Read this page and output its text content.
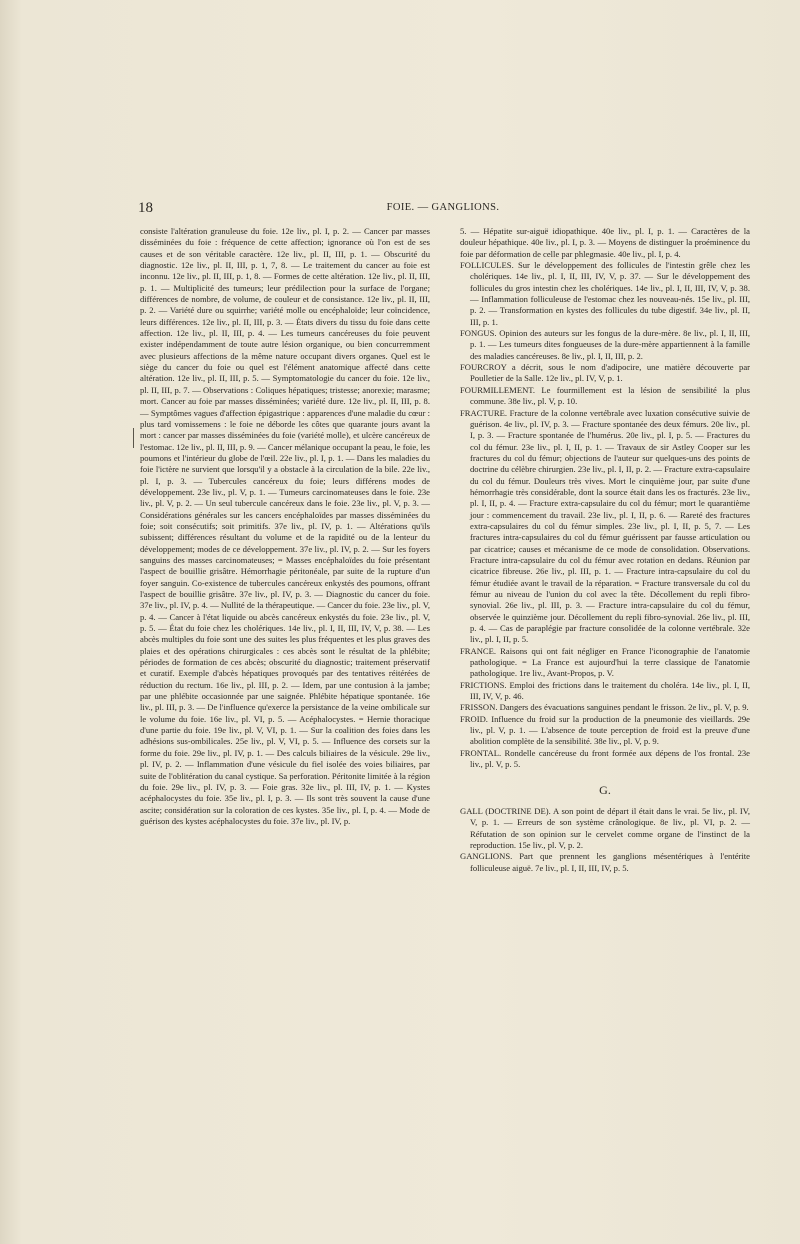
18	FOIE. — GANGLIONS.

consiste l'altération granuleuse du foie. 12e liv., pl. I, p. 2. — Cancer par masses disséminées du foie : fréquence de cette affection; ignorance où l'on est de ses causes et de son véritable caractère. 12e liv., pl. II, III, p. 1. — Obscurité du diagnostic. 12e liv., pl. II, III, p. 1, 7, 8. — Le traitement du cancer au foie est inconnu. 12e liv., pl. II, III, p. 1, 8. — Formes de cette altération. 12e liv., pl. II, III, p. 1. — Multiplicité des tumeurs; leur prédilection pour la surface de l'organe; différences de nombre, de volume, de couleur et de consistance. 12e liv., pl. II, III, p. 2. — Variété dure ou squirrhe; variété molle ou encéphaloïde; leur coïncidence, leurs différences. 12e liv., pl. II, III, p. 3. — États divers du tissu du foie dans cette affection. 12e liv., pl. II, III, p. 4. — Les tumeurs cancéreuses du foie peuvent exister indépendamment de toute autre lésion organique, ou bien concurremment avec plusieurs affections de la même nature occupant divers organes. Quel est le siège du cancer du foie ou quel est l'élément anatomique affecté dans cette altération. 12e liv., pl. II, III, p. 5. — Symptomatologie du cancer du foie. 12e liv., pl. II, III, p. 7. — Observations : Coliques hépatiques; tristesse; anorexie; marasme; mort. Cancer au foie par masses disséminées; variété dure. 12e liv., pl. II, III, p. 8. — Symptômes vagues d'affection épigastrique : apparences d'une maladie du cœur : plus tard vomissemens : le foie ne déborde les côtes que quarante jours avant la mort : cancer par masses disséminées du foie (variété molle), et ulcère cancéreux de l'estomac. 12e liv., pl. II, III, p. 9. — Cancer mélanique occupant la peau, le foie, les poumons et l'intérieur du globe de l'œil. 22e liv., pl. I, p. 1. — Dans les maladies du foie l'ictère ne survient que lorsqu'il y a obstacle à la circulation de la bile. 22e liv., pl. I, p. 3. — Tubercules cancéreux du foie; leurs différens modes de développement. 23e liv., pl. V, p. 1. — Tumeurs carcinomateuses dans le foie. 23e liv., pl. V, p. 2. — Un seul tubercule cancéreux dans le foie. 23e liv., pl. V, p. 3. — Considérations générales sur les cancers encéphaloïdes par masses disséminées du foie; soit consécutifs; soit primitifs. 37e liv., pl. IV, p. 1. — Altérations qu'ils subissent; différences résultant du volume et de la rapidité ou de la lenteur du développement; modes de ce développement. 37e liv., pl. IV, p. 2. — Sur les foyers sanguins des masses carcinomateuses; = Masses encéphaloïdes du foie présentant l'aspect de bouillie grisâtre. Hémorrhagie péritonéale, par suite de la rupture d'un foyer sanguin. Co-existence de tubercules cancéreux enkystés des poumons, offrant l'aspect de bouillie grisâtre. 37e liv., pl. IV, p. 3. — Diagnostic du cancer du foie. 37e liv., pl. IV, p. 4. — Nullité de la thérapeutique. — Cancer du foie. 23e liv., pl. V, p. 4. — Cancer à l'état liquide ou abcès cancéreux enkystés du foie. 23e liv., pl. V, p. 5. — État du foie chez les cholériques. 14e liv., pl. I, II, III, IV, V, p. 38. — Les abcès multiples du foie sont une des suites les plus fréquentes et les plus graves des plaies et des opérations chirurgicales : ces abcès sont le résultat de la phlébite; périodes de formation de ces abcès; obscurité du diagnostic; traitement préservatif et curatif. Exemple d'abcès hépatiques provoqués par des tentatives réitérées de réduction du rectum. 16e liv., pl. III, p. 2. — Idem, par une contusion à la jambe; par une phlébite occasionnée par une saignée. Phlébite hépatique spontanée. 16e liv., pl. III, p. 3. — De l'influence qu'exerce la persistance de la veine ombilicale sur le volume du foie. 16e liv., pl. VI, p. 5. — Acéphalocystes. = Hernie thoracique d'une partie du foie. 19e liv., pl. V, VI, p. 1. — Sur la coalition des foies dans les adhésions sus-ombilicales. 25e liv., pl. V, VI, p. 5. — Influence des corsets sur la forme du foie. 29e liv., pl. IV, p. 1. — Des calculs biliaires de la vésicule. 29e liv., pl. IV, p. 2. — Inflammation d'une vésicule du fiel isolée des voies biliaires, par suite de l'oblitération du canal cystique. Sa perforation. Péritonite limitée à la région du foie. 29e liv., pl. IV, p. 3. — Foie gras. 32e liv., pl. III, IV, p. 1. — Kystes acéphalocystes du foie. 35e liv., pl. I, p. 3. — Ils sont très souvent la cause d'une ascite; considération sur la coloration de ces kystes. 35e liv., pl. I, p. 4. — Mode de guérison des kystes acéphalocystes du foie. 37e liv., pl. IV, p.

5. — Hépatite sur-aiguë idiopathique. 40e liv., pl. I, p. 1. — Caractères de la douleur hépathique. 40e liv., pl. I, p. 3. — Moyens de distinguer la proéminence du foie par déformation de celle par phlegmasie. 40e liv., pl. I, p. 4.

FOLLICULES. Sur le développement des follicules de l'intestin grêle chez les cholériques. 14e liv., pl. I, II, III, IV, V, p. 37. — Sur le développement des follicules du gros intestin chez les cholériques. 14e liv., pl. I, II, III, IV, V, p. 38. — Inflammation folliculeuse de l'estomac chez les nouveau-nés. 15e liv., pl. III, p. 2. — Transformation en kystes des follicules du tube digestif. 34e liv., pl. II, III, p. 1.

FONGUS. Opinion des auteurs sur les fongus de la dure-mère. 8e liv., pl. I, II, III, p. 1. — Les tumeurs dites fongueuses de la dure-mère appartiennent à la famille des maladies cancéreuses. 8e liv., pl. I, II, III, p. 2.

FOURCROY a décrit, sous le nom d'adipocire, une matière découverte par Poulletier de la Salle. 12e liv., pl. IV, V, p. 1.

FOURMILLEMENT. Le fourmillement est la lésion de sensibilité la plus commune. 38e liv., pl. V, p. 10.

FRACTURE. Fracture de la colonne vertébrale avec luxation consécutive suivie de guérison. 4e liv., pl. IV, p. 3. — Fracture spontanée des deux fémurs. 20e liv., pl. I, p. 3. — Fracture spontanée de l'humérus. 20e liv., pl. I, p. 5. — Fractures du col du fémur. 23e liv., pl. I, II, p. 1. — Travaux de sir Astley Cooper sur les fractures du col du fémur; objections de l'auteur sur quelques-uns des points de doctrine du célèbre chirurgien. 23e liv., pl. I, II, p. 2. — Fracture extra-capsulaire du col du fémur. Douleurs très vives. Mort le cinquième jour, par suite d'une hémorrhagie très considérable, dont la source était dans les os fracturés. 23e liv., pl. I, II, p. 4. — Fracture extra-capsulaire du col du fémur; mort le quarantième jour : commencement du travail. 23e liv., pl. I, II, p. 6. — Rareté des fractures extra-capsulaires du col du fémur simples. 23e liv., pl. I, II, p. 5, 7. — Les fractures intra-capsulaires du col du fémur guérissent par fausse articulation ou par cicatrice; causes et mécanisme de ce mode de consolidation. Observations. Fracture intra-capsulaire du col du fémur avec rotation en dedans. Réunion par cicatrice fibreuse. 26e liv., pl. III, p. 1. — Fracture intra-capsulaire du col du fémur étudiée avant le travail de la réparation. = Fracture transversale du col du fémur au niveau de l'union du col avec la tête. Décollement du repli fibro-synovial. 26e liv., pl. III, p. 3. — Fracture intra-capsulaire du col du fémur, observée le quinzième jour. Décollement du repli fibro-synovial. 26e liv., pl. III, p. 4. — Cas de paraplégie par fracture consolidée de la colonne vertébrale. 32e liv., pl. I, II, p. 5.

FRANCE. Raisons qui ont fait négliger en France l'iconographie de l'anatomie pathologique. = La France est aujourd'hui la terre classique de l'anatomie pathologique. 1re liv., Avant-Propos, p. V.

FRICTIONS. Emploi des frictions dans le traitement du choléra. 14e liv., pl. I, II, III, IV, V, p. 46.

FRISSON. Dangers des évacuations sanguines pendant le frisson. 2e liv., pl. V, p. 9.

FROID. Influence du froid sur la production de la pneumonie des vieillards. 29e liv., pl. V, p. 1. — L'absence de toute perception de froid est la preuve d'une abolition complète de la sensibilité. 38e liv., pl. V, p. 9.

FRONTAL. Rondelle cancéreuse du front formée aux dépens de l'os frontal. 23e liv., pl. V, p. 5.

G.

GALL (DOCTRINE DE). A son point de départ il était dans le vrai. 5e liv., pl. IV, V, p. 1. — Erreurs de son système crânologique. 8e liv., pl. VI, p. 2. — Réfutation de son opinion sur le cervelet comme organe de l'instinct de la reproduction. 15e liv., pl. V, p. 2.

GANGLIONS. Part que prennent les ganglions mésentériques à l'entérite folliculeuse aiguë. 7e liv., pl. I, II, III, IV, p. 5.
